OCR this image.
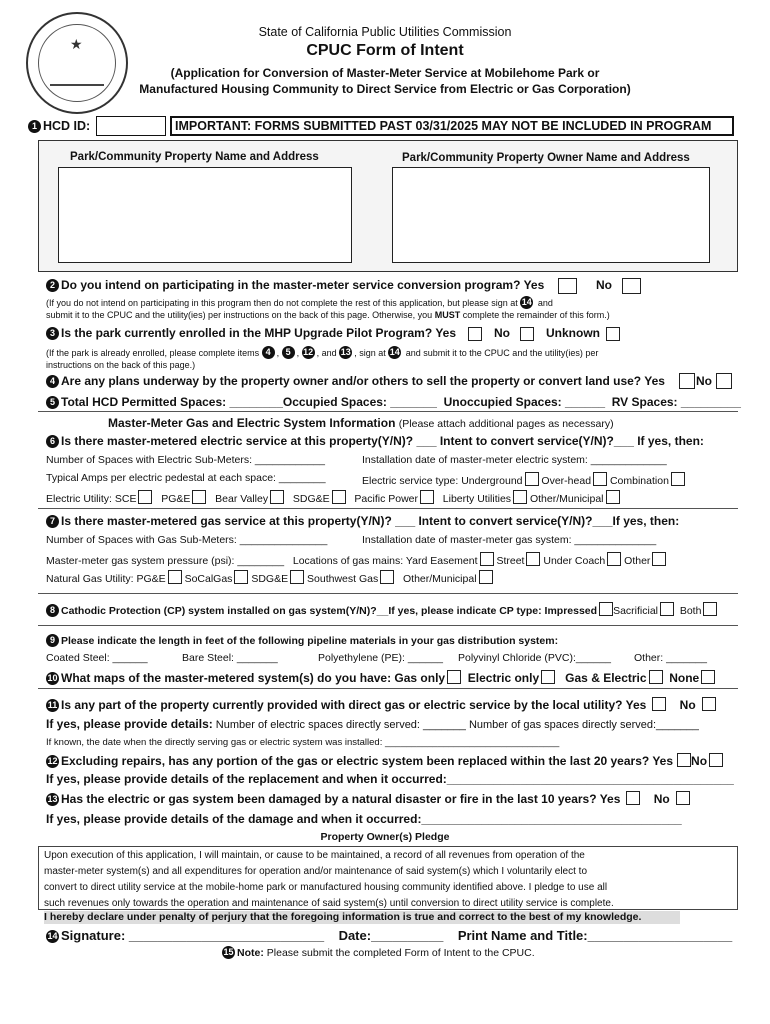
★
State of California Public Utilities Commission
CPUC Form of Intent
(Application for Conversion of Master-Meter Service at Mobilehome Park or
Manufactured Housing Community to Direct Service from Electric or Gas Corporation)
1 HCD ID:	IMPORTANT: FORMS SUBMITTED PAST 03/31/2025 MAY NOT BE INCLUDED IN PROGRAM
Park/Community Property Name and Address	Park/Community Property Owner Name and Address
2 Do you intend on participating in the master-meter service conversion program? Yes	No
(If you do not intend on participating in this program then do not complete the rest of this application, but please sign at 14 and
submit it to the CPUC and the utility(ies) per instructions on the back of this page. Otherwise, you MUST complete the remainder of this form.)
3 Is the park currently enrolled in the MHP Upgrade Pilot Program? Yes	No	Unknown
(If the park is already enrolled, please complete items 4 , 5 , 12 , and 13 , sign at 14 and submit it to the CPUC and the utility(ies) per
instructions on the back of this page.)
4 Are any plans underway by the property owner and/or others to sell the property or convert land use? Yes	No
5 Total HCD Permitted Spaces: ________Occupied Spaces: _______ Unoccupied Spaces: ______ RV Spaces: _________
Master-Meter Gas and Electric System Information (Please attach additional pages as necessary)
6 Is there master-metered electric service at this property(Y/N)? ___ Intent to convert service(Y/N)?___ If yes, then:
Number of Spaces with Electric Sub-Meters: ____________	Installation date of master-meter electric system: _____________
Typical Amps per electric pedestal at each space: ________	Electric service type: Underground Over-head Combination
Electric Utility: SCE PG&E Bear Valley SDG&E Pacific Power Liberty Utilities Other/Municipal
7 Is there master-metered gas service at this property(Y/N)? ___ Intent to convert service(Y/N)?___If yes, then:
Number of Spaces with Gas Sub-Meters: _______________	Installation date of master-meter gas system: ______________
Master-meter gas system pressure (psi): ________ Locations of gas mains: Yard Easement Street Under Coach Other
Natural Gas Utility: PG&E SoCalGas SDG&E Southwest Gas Other/Municipal
8 Cathodic Protection (CP) system installed on gas system(Y/N)?__If yes, please indicate CP type: Impressed Sacrificial Both
9 Please indicate the length in feet of the following pipeline materials in your gas distribution system:
Coated Steel: ______	Bare Steel: _______	Polyethylene (PE): ______ Polyvinyl Chloride (PVC):______ Other: _______
10 What maps of the master-metered system(s) do you have: Gas only Electric only Gas & Electric None
11 Is any part of the property currently provided with direct gas or electric service by the local utility? Yes	No
If yes, please provide details: Number of electric spaces directly served: _______ Number of gas spaces directly served:_______
If known, the date when the directly serving gas or electric system was installed: _________________________________
12 Excluding repairs, has any portion of the gas or electric system been replaced within the last 20 years? Yes No
If yes, please provide details of the replacement and when it occurred:___________________________________________
13 Has the electric or gas system been damaged by a natural disaster or fire in the last 10 years? Yes	No
If yes, please provide details of the damage and when it occurred:_______________________________________
Property Owner(s) Pledge
Upon execution of this application, I will maintain, or cause to be maintained, a record of all revenues from operation of the
master-meter system(s) and all expenditures for operation and/or maintenance of said system(s) which I voluntarily elect to
convert to direct utility service at the mobile-home park or manufactured housing community identified above. I pledge to use all
such revenues only towards the operation and maintenance of said system(s) until conversion to direct utility service is complete.
I hereby declare under penalty of perjury that the foregoing information is true and correct to the best of my knowledge.
14 Signature: ___________________________ Date:__________ Print Name and Title:____________________
15 Note: Please submit the completed Form of Intent to the CPUC.
